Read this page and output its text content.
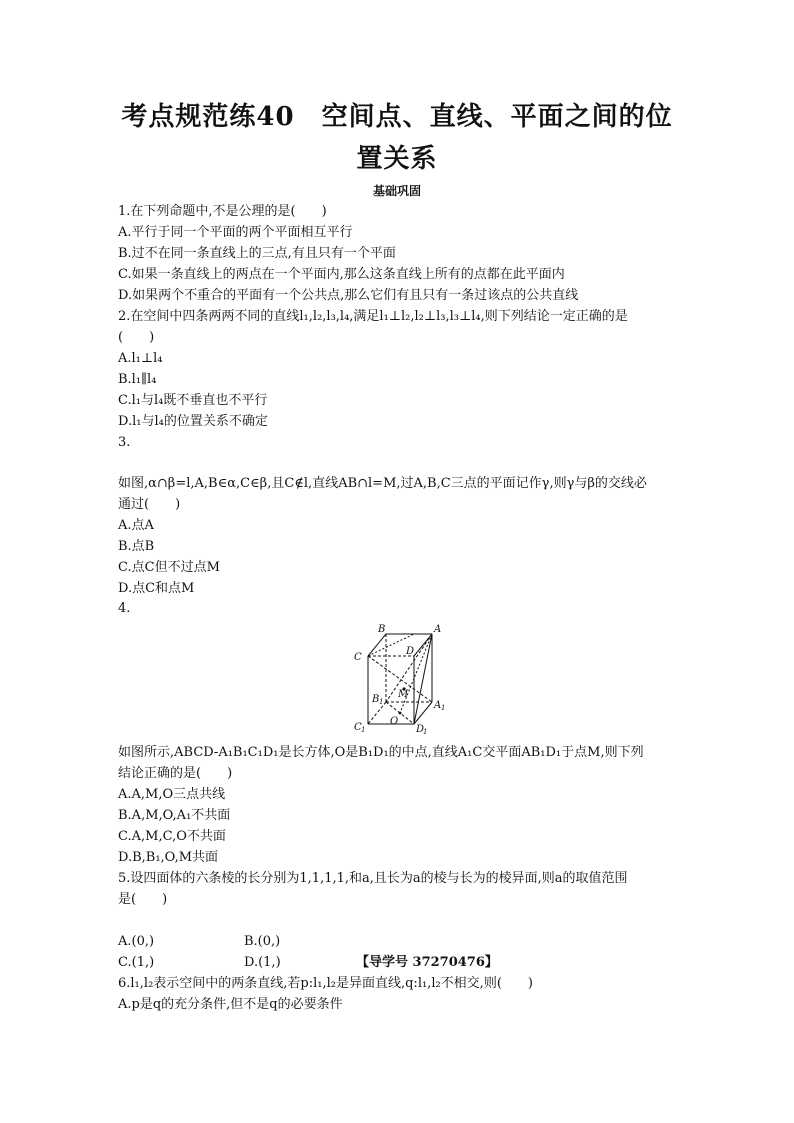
考点规范练40　空间点、直线、平面之间的位
置关系
基础巩固
1.在下列命题中,不是公理的是(　　)
A.平行于同一个平面的两个平面相互平行
B.过不在同一条直线上的三点,有且只有一个平面
C.如果一条直线上的两点在一个平面内,那么这条直线上所有的点都在此平面内
D.如果两个不重合的平面有一个公共点,那么它们有且只有一条过该点的公共直线
2.在空间中四条两两不同的直线l₁,l₂,l₃,l₄,满足l₁⊥l₂,l₂⊥l₃,l₃⊥l₄,则下列结论一定正确的是
(　　)
A.l₁⊥l₄
B.l₁∥l₄
C.l₁与l₄既不垂直也不平行
D.l₁与l₄的位置关系不确定
3.
如图,α∩β=l,A,B∈α,C∈β,且C∉l,直线AB∩l=M,过A,B,C三点的平面记作γ,则γ与β的交线必
通过(　　)
A.点A
B.点B
C.点C但不过点M
D.点C和点M
4.
B	A
C
D
M
B 1	A 1
C 1
O
D
1
如图所示,ABCD-A₁B₁C₁D₁是长方体,O是B₁D₁的中点,直线A₁C交平面AB₁D₁于点M,则下列
结论正确的是(　　)
A.A,M,O三点共线
B.A,M,O,A₁不共面
C.A,M,C,O不共面
D.B,B₁,O,M共面
5.设四面体的六条棱的长分别为1,1,1,1,和a,且长为a的棱与长为的棱异面,则a的取值范围
是(　　)
A.(0,)	B.(0,)
C.(1,)	D.(1,)	【导学号 37270476】
6.l₁,l₂表示空间中的两条直线,若p:l₁,l₂是异面直线,q:l₁,l₂不相交,则(　　)
A.p是q的充分条件,但不是q的必要条件
